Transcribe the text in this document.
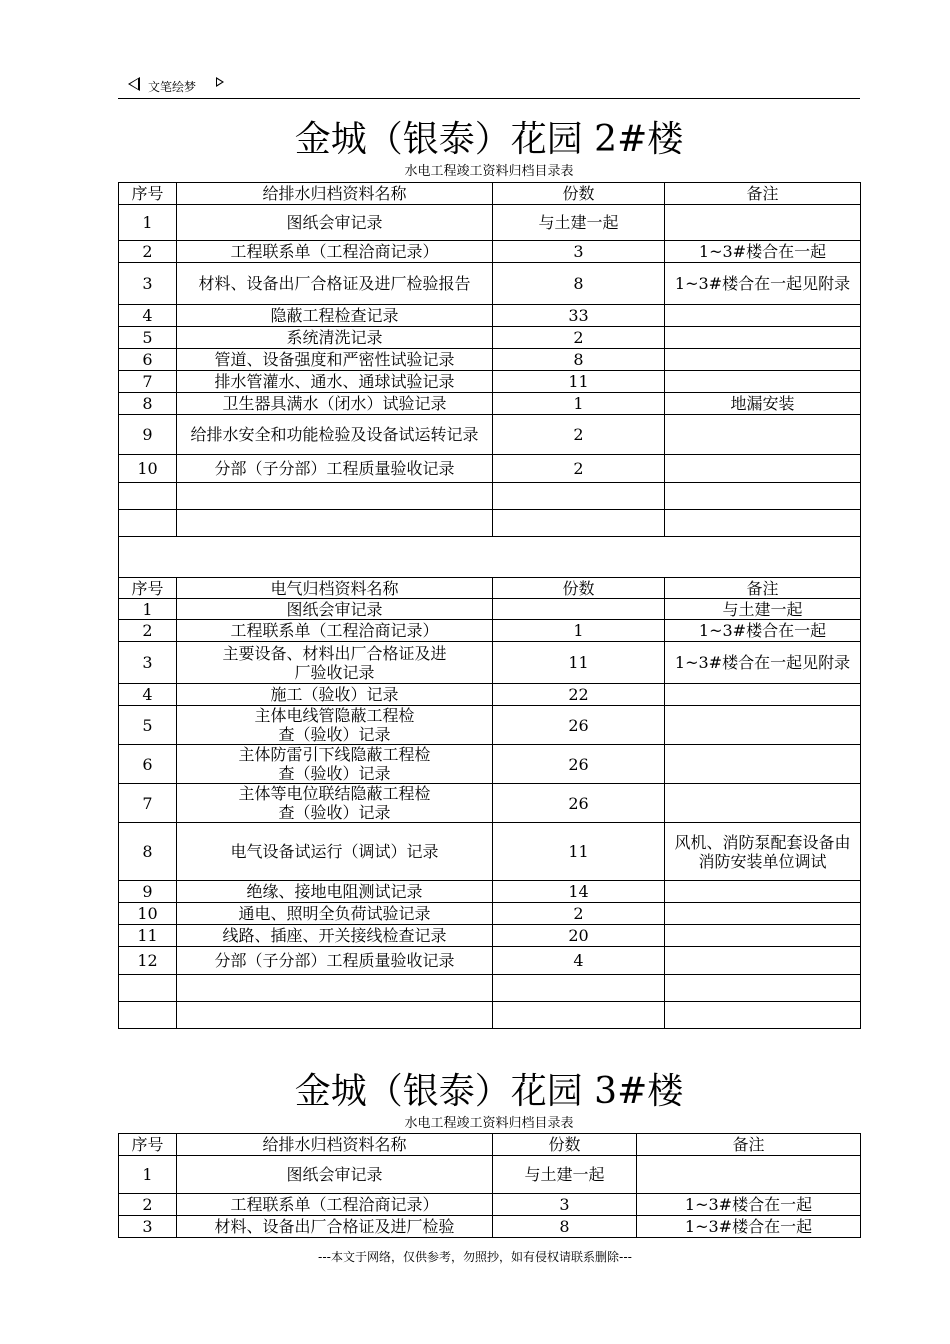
文笔绘梦
金城（银泰）花园 2#楼
水电工程竣工资料归档目录表
序号	给排水归档资料名称	份数	备注
1	图纸会审记录	与土建一起	
2	工程联系单（工程洽商记录）	3	1~3#楼合在一起
3	材料、设备出厂合格证及进厂检验报告	8	1~3#楼合在一起见附录
4	隐蔽工程检查记录	33	
5	系统清洗记录	2	
6	管道、设备强度和严密性试验记录	8	
7	排水管灌水、通水、通球试验记录	11	
8	卫生器具满水（闭水）试验记录	1	地漏安装
9	给排水安全和功能检验及设备试运转记录	2	
10	分部（子分部）工程质量验收记录	2	

序号	电气归档资料名称	份数	备注
1	图纸会审记录		与土建一起
2	工程联系单（工程洽商记录）	1	1~3#楼合在一起
3	主要设备、材料出厂合格证及进厂验收记录	11	1~3#楼合在一起见附录
4	施工（验收）记录	22	
5	主体电线管隐蔽工程检查（验收）记录	26	
6	主体防雷引下线隐蔽工程检查（验收）记录	26	
7	主体等电位联结隐蔽工程检查（验收）记录	26	
8	电气设备试运行（调试）记录	11	风机、消防泵配套设备由消防安装单位调试
9	绝缘、接地电阻测试记录	14	
10	通电、照明全负荷试验记录	2	
11	线路、插座、开关接线检查记录	20	
12	分部（子分部）工程质量验收记录	4	

金城（银泰）花园 3#楼
水电工程竣工资料归档目录表
序号	给排水归档资料名称	份数	备注
1	图纸会审记录	与土建一起	
2	工程联系单（工程洽商记录）	3	1~3#楼合在一起
3	材料、设备出厂合格证及进厂检验	8	1~3#楼合在一起
---本文于网络，仅供参考，勿照抄，如有侵权请联系删除---
